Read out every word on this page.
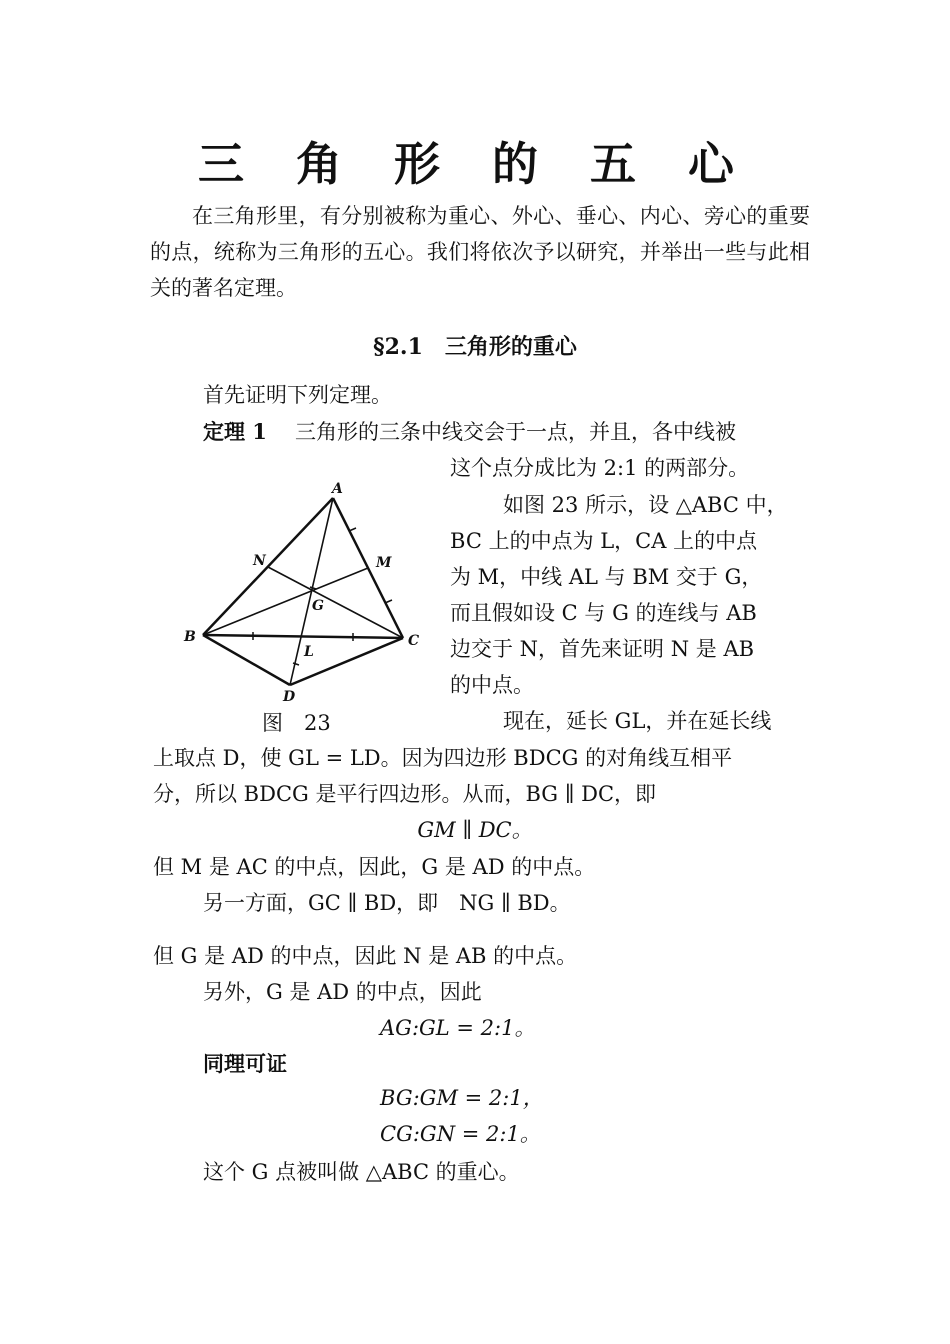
三 角 形 的 五 心

在三角形里，有分别被称为重心、外心、垂心、内心、旁心的重要的点，统称为三角形的五心。我们将依次予以研究，并举出一些与此相关的著名定理。

§2.1　三角形的重心
首先证明下列定理。
定理 1 三角形的三条中线交会于一点，并且，各中线被
这个点分成比为 2:1 的两部分。
A
B	C
D
G
L
M
N
图　23
如图 23 所示，设 △ABC 中，
BC 上的中点为 L，CA 上的中点
为 M，中线 AL 与 BM 交于 G，
而且假如设 C 与 G 的连线与 AB
边交于 N，首先来证明 N 是 AB
的中点。
现在，延长 GL，并在延长线
上取点 D，使 GL = LD。因为四边形 BDCG 的对角线互相平
分，所以 BDCG 是平行四边形。从而，BG ∥ DC，即
GM ∥ DC。
但 M 是 AC 的中点，因此，G 是 AD 的中点。
另一方面，GC ∥ BD，即　NG ∥ BD。
但 G 是 AD 的中点，因此 N 是 AB 的中点。
另外，G 是 AD 的中点，因此
AG:GL = 2:1。
同理可证
BG:GM = 2:1，
CG:GN = 2:1。
这个 G 点被叫做 △ABC 的重心。
